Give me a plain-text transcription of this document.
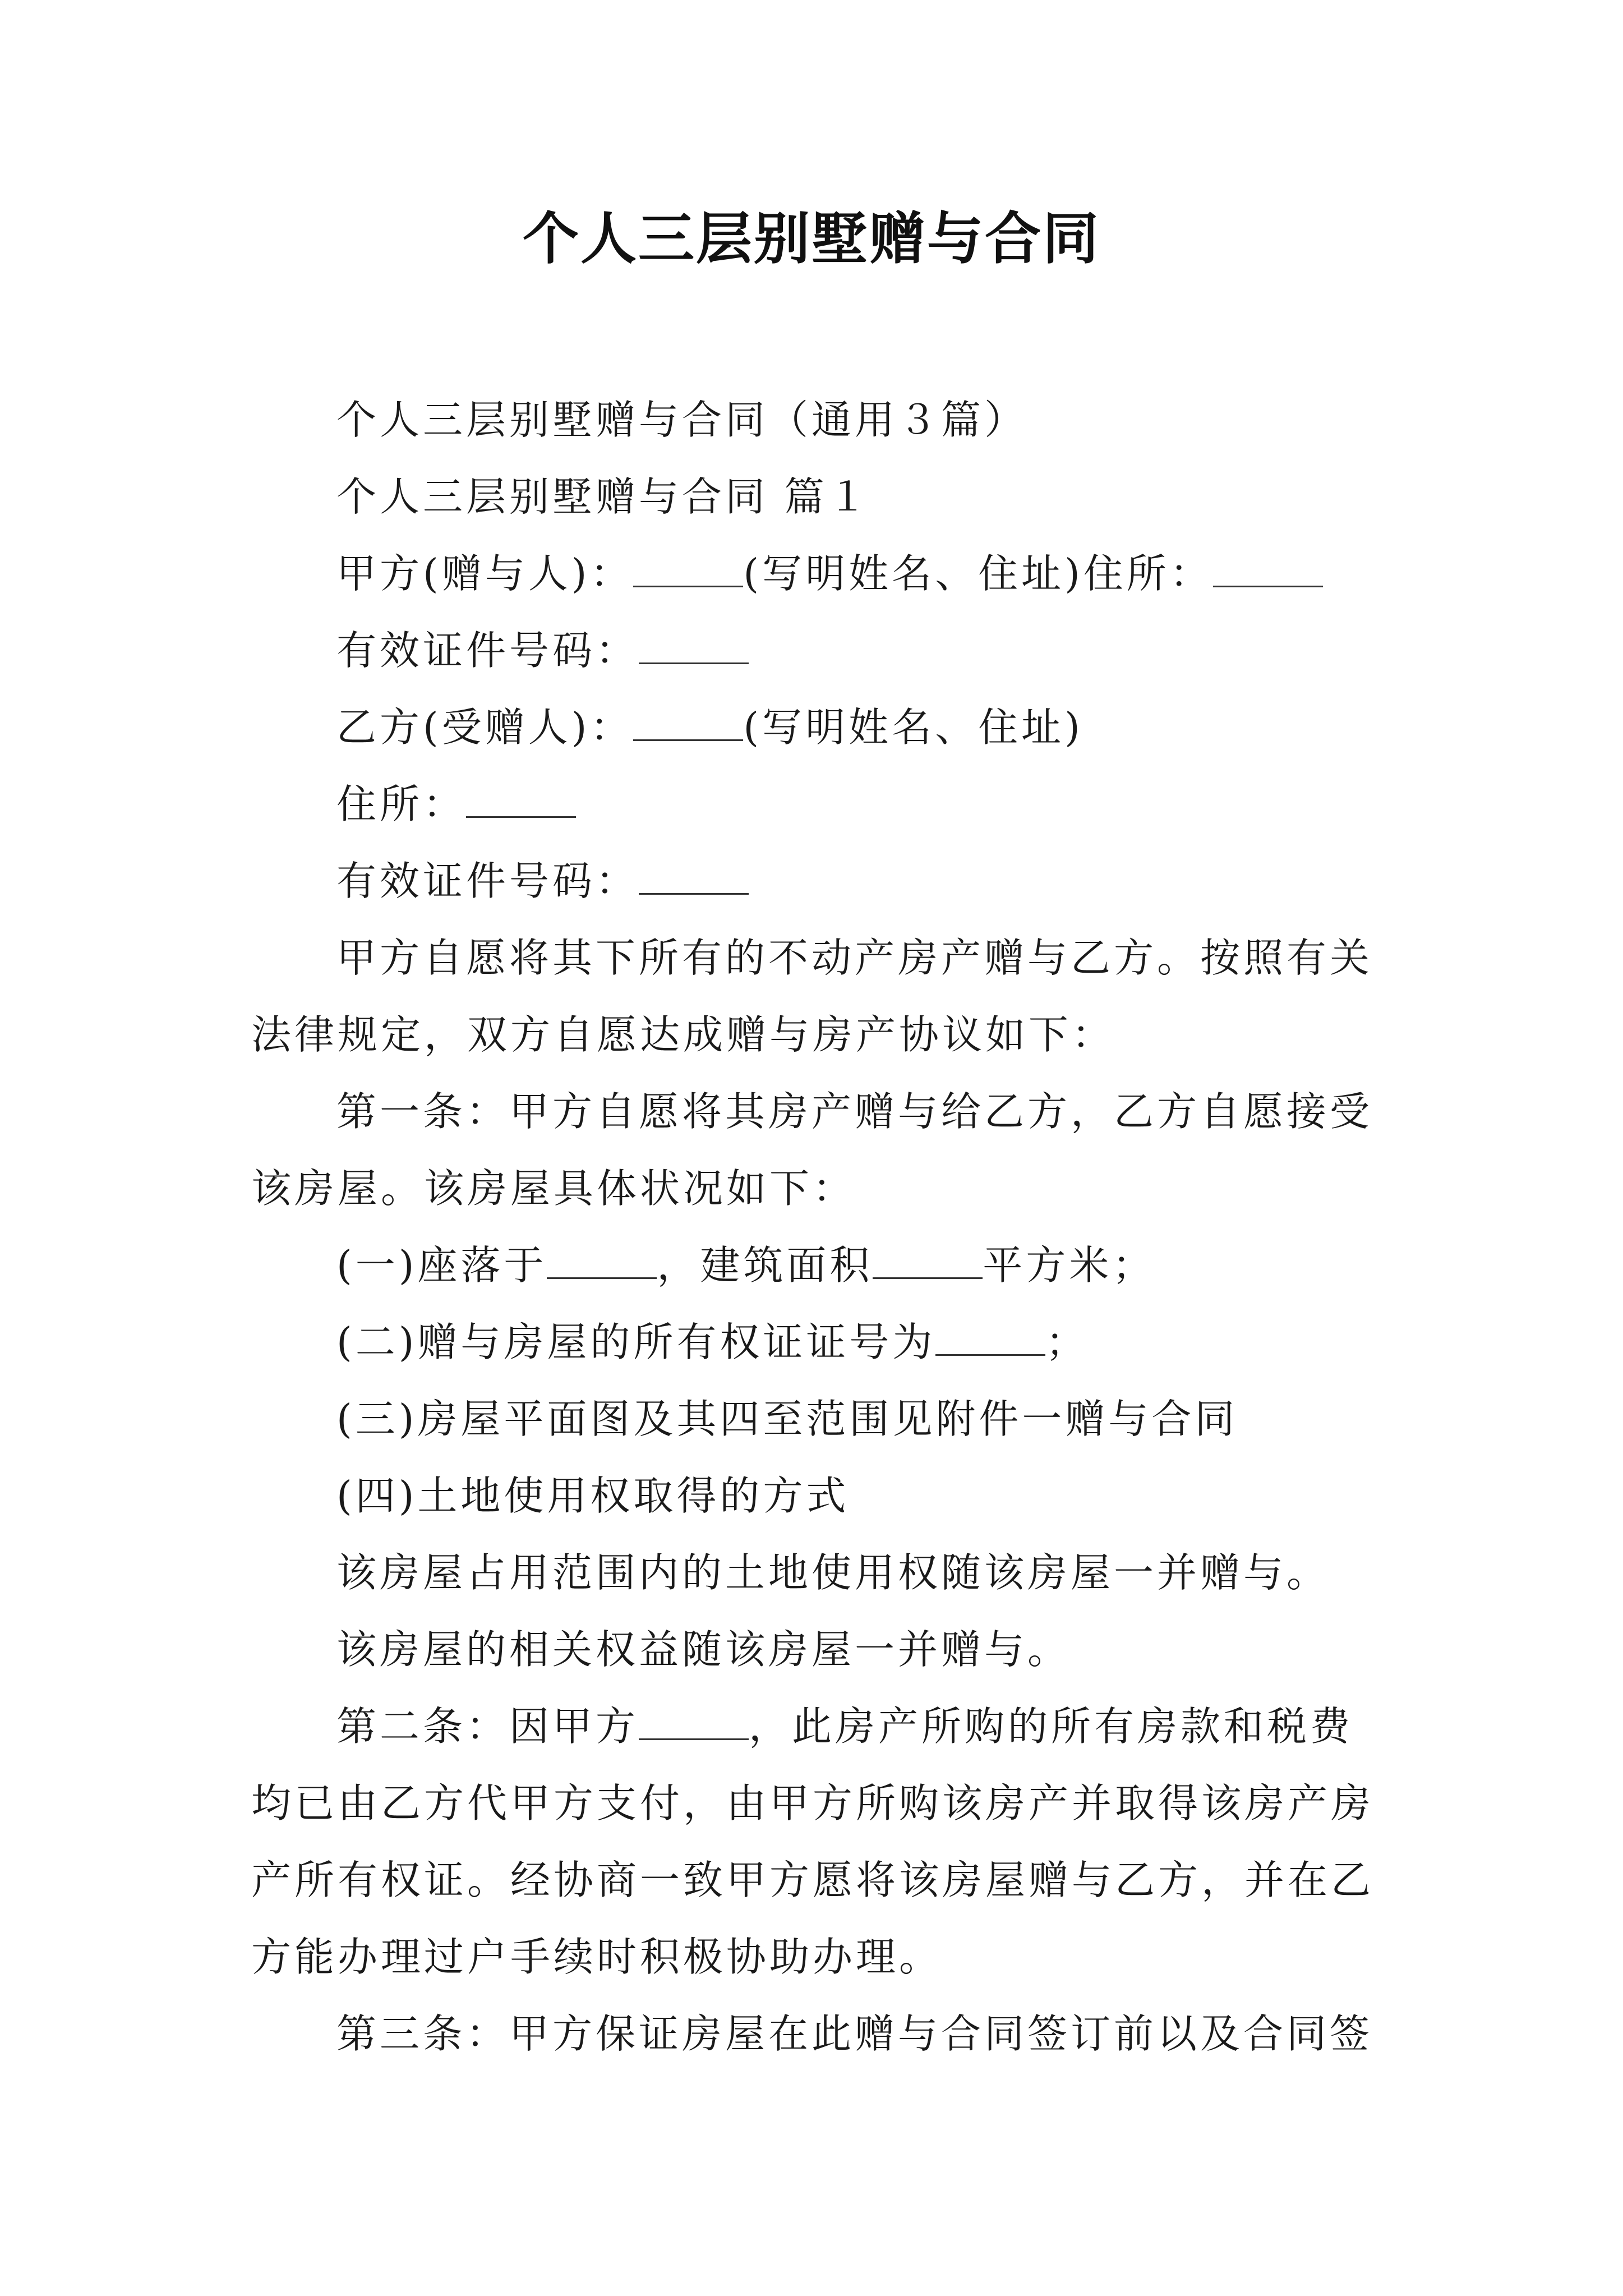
个人三层别墅赠与合同

个人三层别墅赠与合同（通用３篇）

个人三层别墅赠与合同 篇１

甲方(赠与人)：	(写明姓名、住址)住所：

有效证件号码：

乙方(受赠人)：	(写明姓名、住址)

住所：

有效证件号码：

甲方自愿将其下所有的不动产房产赠与乙方。按照有关

法律规定，双方自愿达成赠与房产协议如下：

第一条：甲方自愿将其房产赠与给乙方，乙方自愿接受

该房屋。该房屋具体状况如下：

(一)座落于	，建筑面积	平方米；

(二)赠与房屋的所有权证证号为	；

(三)房屋平面图及其四至范围见附件一赠与合同

(四)土地使用权取得的方式

该房屋占用范围内的土地使用权随该房屋一并赠与。

该房屋的相关权益随该房屋一并赠与。

第二条：因甲方	，此房产所购的所有房款和税费

均已由乙方代甲方支付，由甲方所购该房产并取得该房产房

产所有权证。经协商一致甲方愿将该房屋赠与乙方，并在乙

方能办理过户手续时积极协助办理。

第三条：甲方保证房屋在此赠与合同签订前以及合同签
